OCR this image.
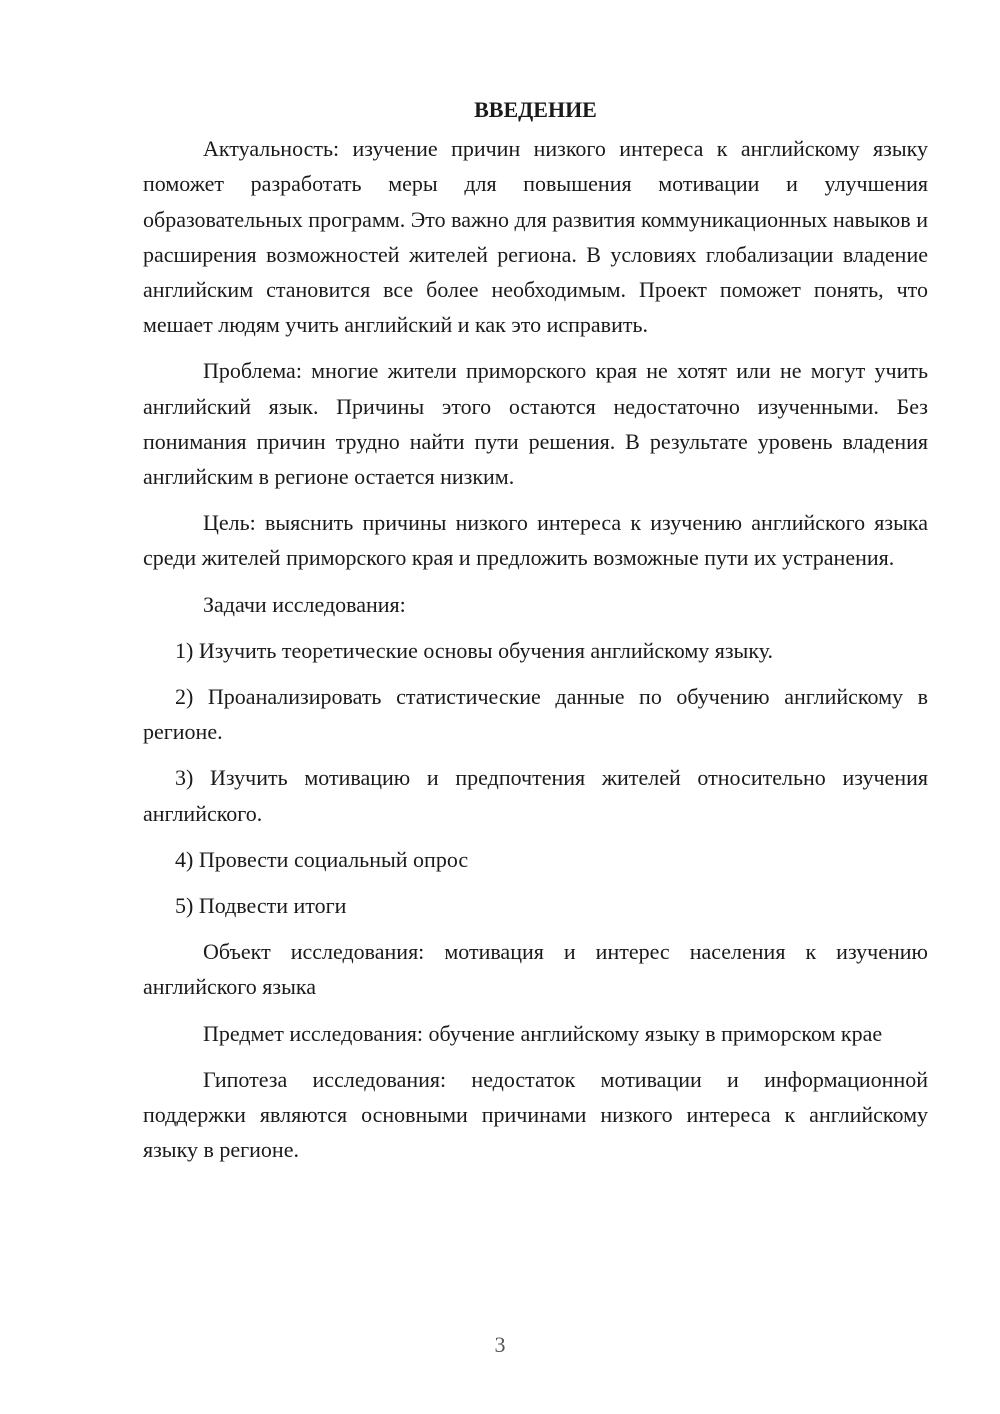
ВВЕДЕНИЕ

Актуальность: изучение причин низкого интереса к английскому языку поможет разработать меры для повышения мотивации и улучшения образовательных программ. Это важно для развития коммуникационных навыков и расширения возможностей жителей региона. В условиях глобализации владение английским становится все более необходимым. Проект поможет понять, что мешает людям учить английский и как это исправить.

Проблема: многие жители приморского края не хотят или не могут учить английский язык. Причины этого остаются недостаточно изученными. Без понимания причин трудно найти пути решения. В результате уровень владения английским в регионе остается низким.

Цель: выяснить причины низкого интереса к изучению английского языка среди жителей приморского края и предложить возможные пути их устранения.

Задачи исследования:

1) Изучить теоретические основы обучения английскому языку.

2) Проанализировать статистические данные по обучению английскому в регионе.

3) Изучить мотивацию и предпочтения жителей относительно изучения английского.

4) Провести социальный опрос

5) Подвести итоги

Объект исследования: мотивация и интерес населения к изучению английского языка

Предмет исследования: обучение английскому языку в приморском крае

Гипотеза исследования: недостаток мотивации и информационной поддержки являются основными причинами низкого интереса к английскому языку в регионе.

3
